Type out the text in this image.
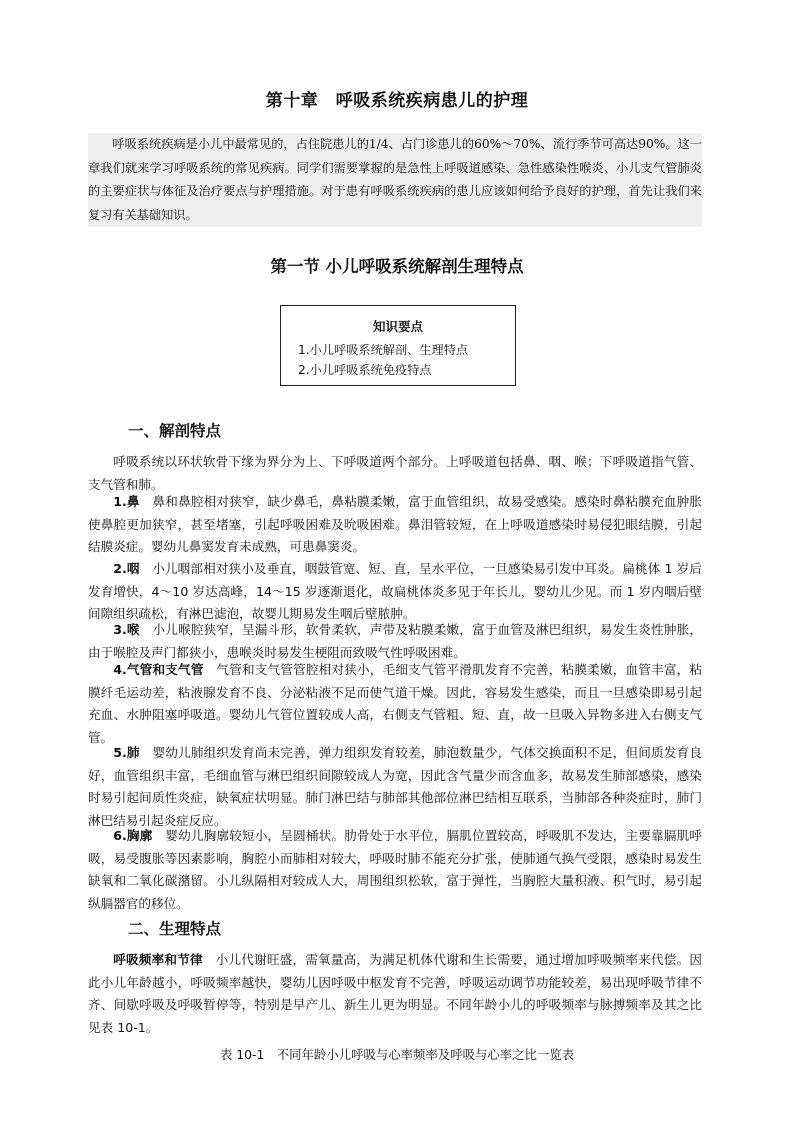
第十章　呼吸系统疾病患儿的护理

呼吸系统疾病是小儿中最常见的，占住院患儿的1/4、占门诊患儿的60%～70%、流行季节可高达90%。这一章我们就来学习呼吸系统的常见疾病。同学们需要掌握的是急性上呼吸道感染、急性感染性喉炎、小儿支气管肺炎的主要症状与体征及治疗要点与护理措施。对于患有呼吸系统疾病的患儿应该如何给予良好的护理，首先让我们来复习有关基础知识。

第一节 小儿呼吸系统解剖生理特点
知识要点
1.小儿呼吸系统解剖、生理特点
2.小儿呼吸系统免疫特点
一、解剖特点

呼吸系统以环状软骨下缘为界分为上、下呼吸道两个部分。上呼吸道包括鼻、咽、喉；下呼吸道指气管、支气管和肺。

1.鼻　鼻和鼻腔相对狭窄，缺少鼻毛，鼻粘膜柔嫩，富于血管组织，故易受感染。感染时鼻粘膜充血肿胀使鼻腔更加狭窄，甚至堵塞，引起呼吸困难及吮吸困难。鼻泪管较短，在上呼吸道感染时易侵犯眼结膜，引起结膜炎症。婴幼儿鼻窦发育未成熟，可患鼻窦炎。

2.咽　小儿咽部相对狭小及垂直，咽鼓管宽、短、直，呈水平位，一旦感染易引发中耳炎。扁桃体 1 岁后发育增快，4～10 岁达高峰，14～15 岁逐渐退化，故扁桃体炎多见于年长儿，婴幼儿少见。而 1 岁内咽后壁间隙组织疏松，有淋巴滤泡，故婴儿期易发生咽后壁脓肿。

3.喉　小儿喉腔狭窄，呈漏斗形，软骨柔软，声带及粘膜柔嫩，富于血管及淋巴组织，易发生炎性肿胀，由于喉腔及声门都狭小，患喉炎时易发生梗阻而致吸气性呼吸困难。

4.气管和支气管　气管和支气管管腔相对狭小，毛细支气管平滑肌发育不完善，粘膜柔嫩，血管丰富，粘膜纤毛运动差，粘液腺发育不良、分泌粘液不足而使气道干燥。因此，容易发生感染，而且一旦感染即易引起充血、水肿阻塞呼吸道。婴幼儿气管位置较成人高，右侧支气管粗、短、直，故一旦吸入异物多进入右侧支气管。

5.肺　婴幼儿肺组织发育尚未完善，弹力组织发育较差，肺泡数量少，气体交换面积不足，但间质发育良好，血管组织丰富，毛细血管与淋巴组织间隙较成人为宽，因此含气量少而含血多，故易发生肺部感染，感染时易引起间质性炎症，缺氧症状明显。肺门淋巴结与肺部其他部位淋巴结相互联系，当肺部各种炎症时，肺门淋巴结易引起炎症反应。

6.胸廓　婴幼儿胸廓较短小，呈圆桶状。肋骨处于水平位，膈肌位置较高，呼吸肌不发达，主要靠膈肌呼吸，易受腹胀等因素影响，胸腔小而肺相对较大，呼吸时肺不能充分扩张，使肺通气换气受限，感染时易发生缺氧和二氧化碳潴留。小儿纵隔相对较成人大，周围组织松软，富于弹性，当胸腔大量积液、积气时，易引起纵膈器官的移位。

二、生理特点

呼吸频率和节律　小儿代谢旺盛，需氧量高，为满足机体代谢和生长需要，通过增加呼吸频率来代偿。因此小儿年龄越小，呼吸频率越快，婴幼儿因呼吸中枢发育不完善，呼吸运动调节功能较差，易出现呼吸节律不齐、间歇呼吸及呼吸暂停等，特别是早产儿、新生儿更为明显。不同年龄小儿的呼吸频率与脉搏频率及其之比见表 10-1。

表 10-1　不同年龄小儿呼吸与心率频率及呼吸与心率之比一览表
